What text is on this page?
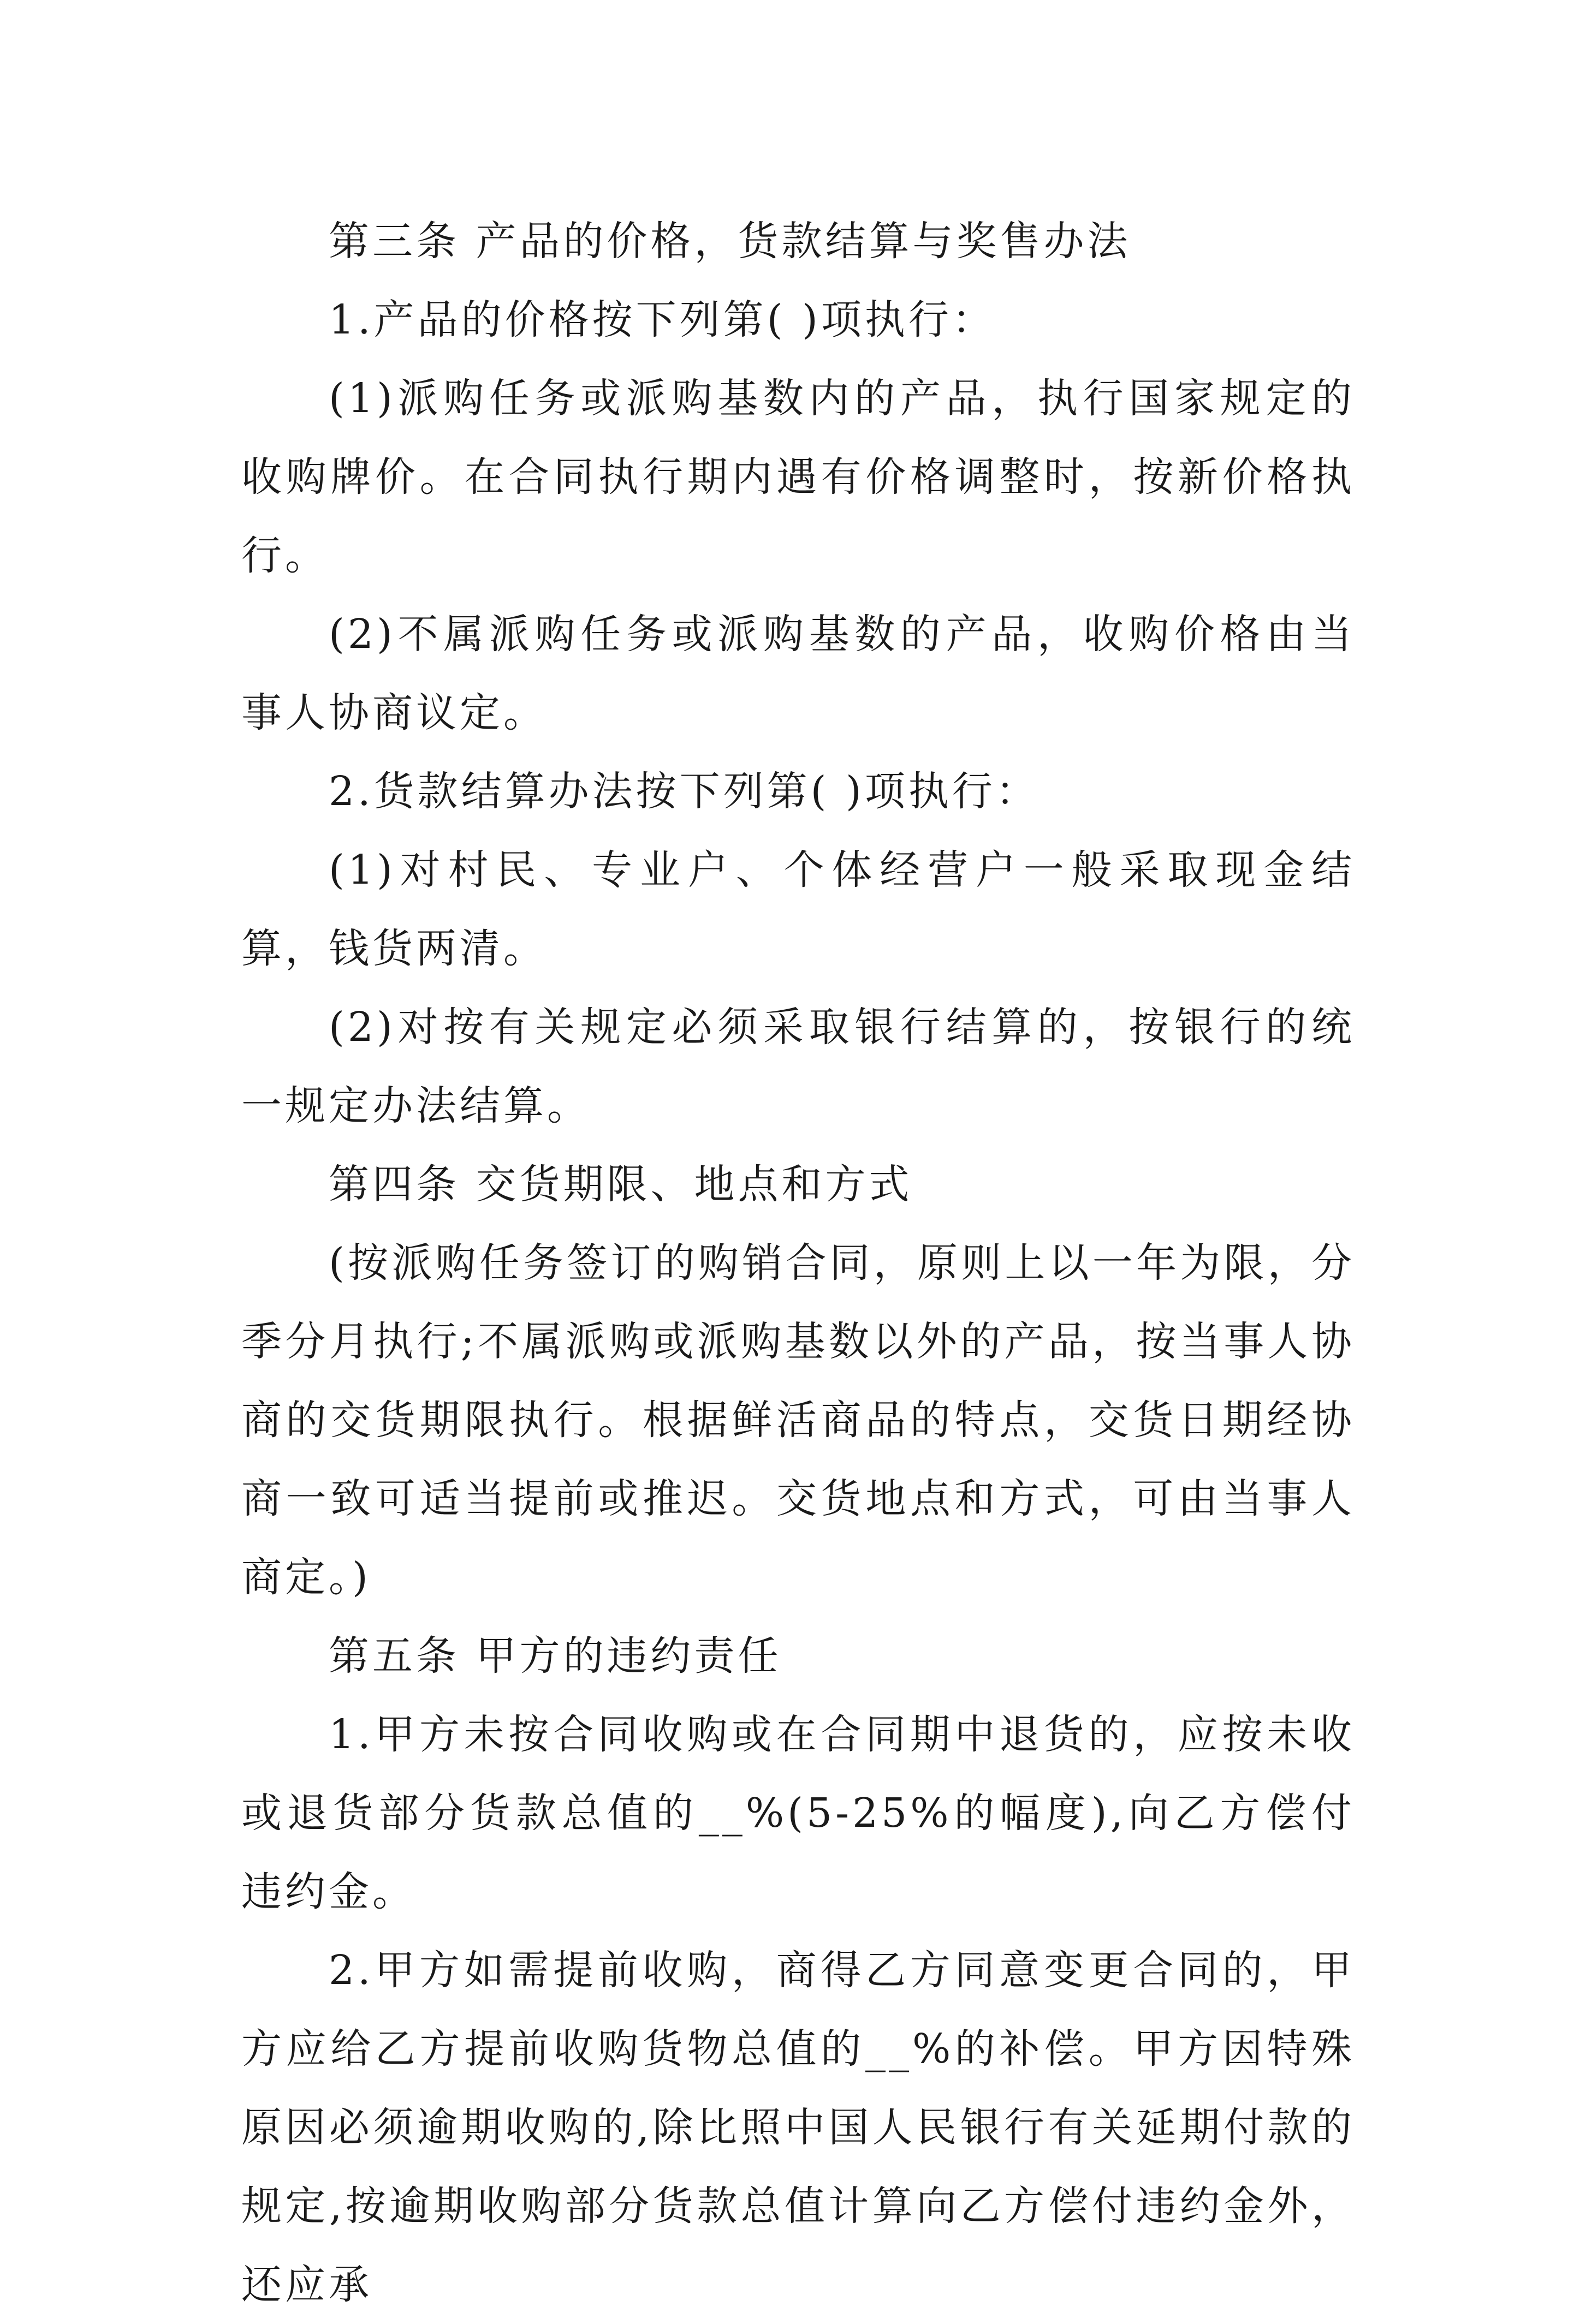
第三条 产品的价格，货款结算与奖售办法

1.产品的价格按下列第( )项执行：

(1)派购任务或派购基数内的产品，执行国家规定的收购牌价。在合同执行期内遇有价格调整时，按新价格执行。

(2)不属派购任务或派购基数的产品，收购价格由当事人协商议定。

2.货款结算办法按下列第( )项执行：

(1)对村民、专业户、个体经营户一般采取现金结算，钱货两清。

(2)对按有关规定必须采取银行结算的，按银行的统一规定办法结算。

第四条 交货期限、地点和方式

(按派购任务签订的购销合同，原则上以一年为限，分季分月执行;不属派购或派购基数以外的产品，按当事人协商的交货期限执行。根据鲜活商品的特点，交货日期经协商一致可适当提前或推迟。交货地点和方式，可由当事人商定。)

第五条 甲方的违约责任

1.甲方未按合同收购或在合同期中退货的，应按未收或退货部分货款总值的__%(5-25%的幅度),向乙方偿付违约金。

2.甲方如需提前收购，商得乙方同意变更合同的，甲方应给乙方提前收购货物总值的__%的补偿。甲方因特殊原因必须逾期收购的,除比照中国人民银行有关延期付款的规定,按逾期收购部分货款总值计算向乙方偿付违约金外，还应承
